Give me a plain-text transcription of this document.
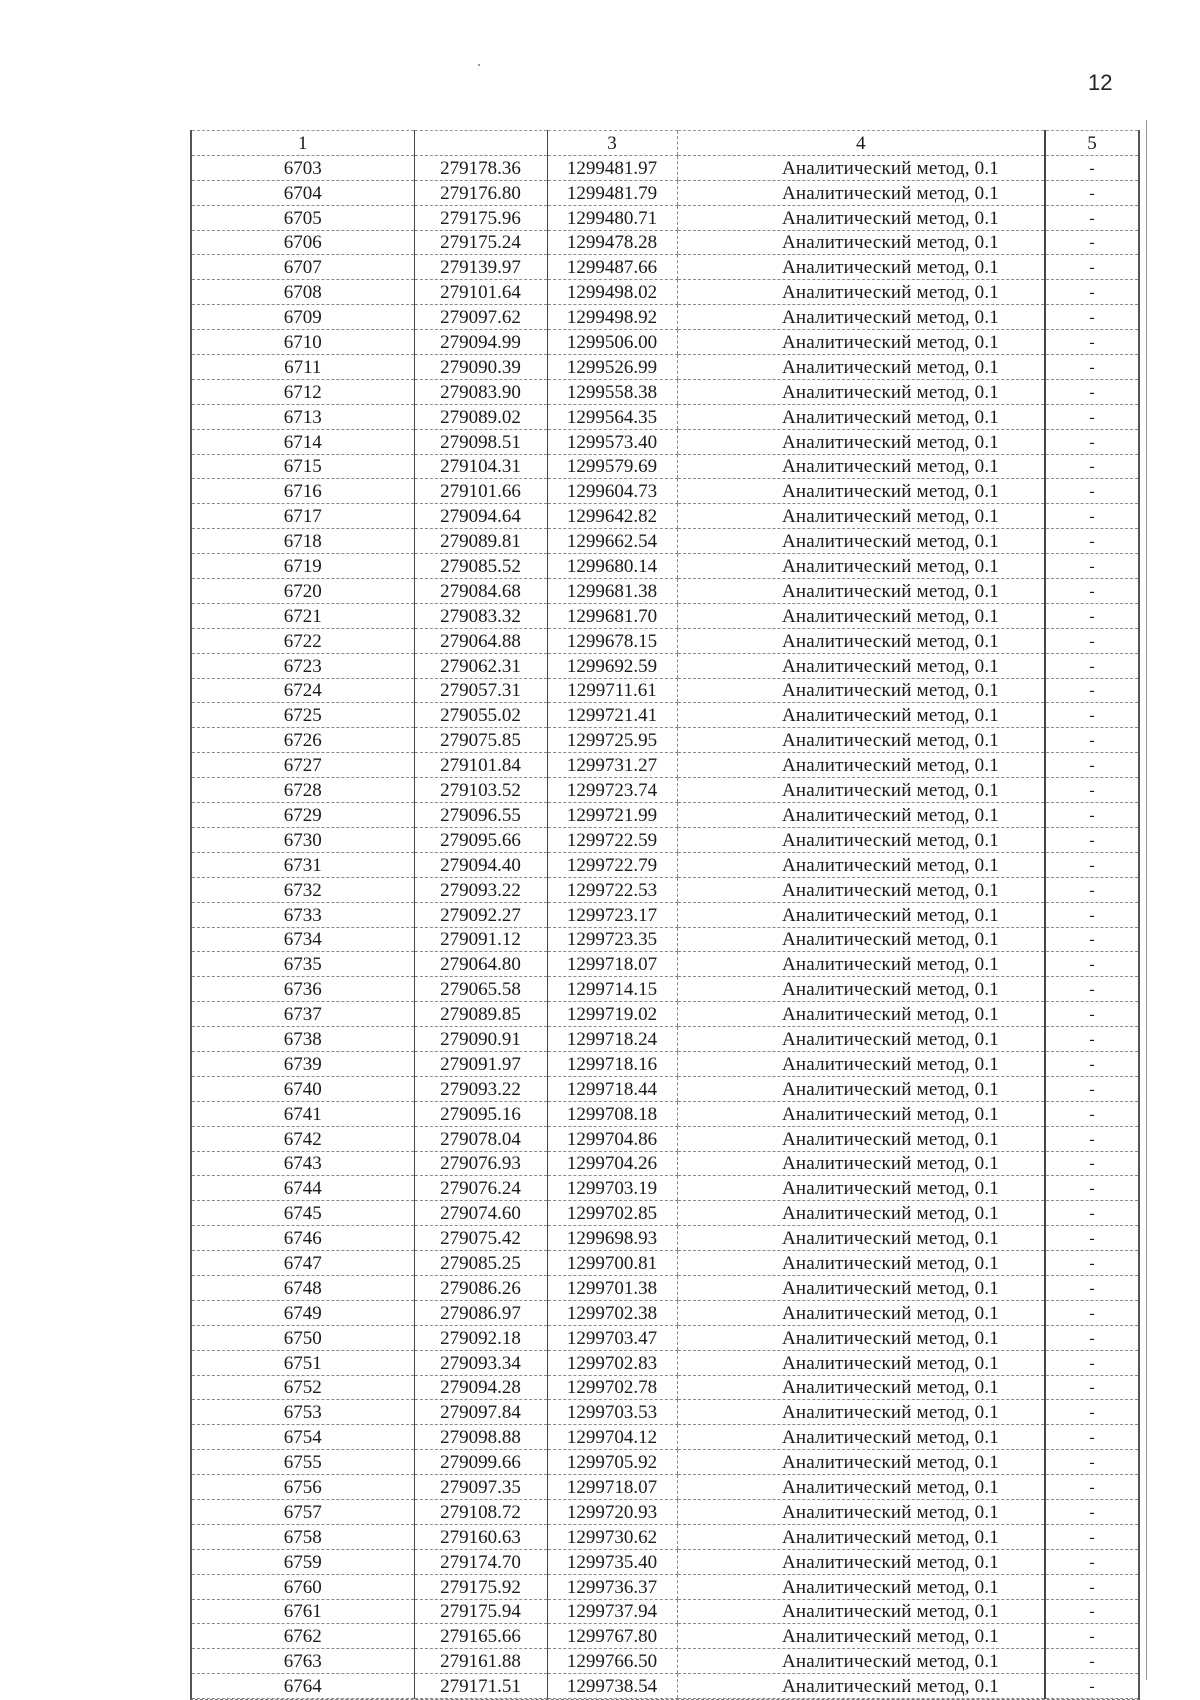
12
1		3	4	5
6703	279178.36	1299481.97	Аналитический метод, 0.1	-
6704	279176.80	1299481.79	Аналитический метод, 0.1	-
6705	279175.96	1299480.71	Аналитический метод, 0.1	-
6706	279175.24	1299478.28	Аналитический метод, 0.1	-
6707	279139.97	1299487.66	Аналитический метод, 0.1	-
6708	279101.64	1299498.02	Аналитический метод, 0.1	-
6709	279097.62	1299498.92	Аналитический метод, 0.1	-
6710	279094.99	1299506.00	Аналитический метод, 0.1	-
6711	279090.39	1299526.99	Аналитический метод, 0.1	-
6712	279083.90	1299558.38	Аналитический метод, 0.1	-
6713	279089.02	1299564.35	Аналитический метод, 0.1	-
6714	279098.51	1299573.40	Аналитический метод, 0.1	-
6715	279104.31	1299579.69	Аналитический метод, 0.1	-
6716	279101.66	1299604.73	Аналитический метод, 0.1	-
6717	279094.64	1299642.82	Аналитический метод, 0.1	-
6718	279089.81	1299662.54	Аналитический метод, 0.1	-
6719	279085.52	1299680.14	Аналитический метод, 0.1	-
6720	279084.68	1299681.38	Аналитический метод, 0.1	-
6721	279083.32	1299681.70	Аналитический метод, 0.1	-
6722	279064.88	1299678.15	Аналитический метод, 0.1	-
6723	279062.31	1299692.59	Аналитический метод, 0.1	-
6724	279057.31	1299711.61	Аналитический метод, 0.1	-
6725	279055.02	1299721.41	Аналитический метод, 0.1	-
6726	279075.85	1299725.95	Аналитический метод, 0.1	-
6727	279101.84	1299731.27	Аналитический метод, 0.1	-
6728	279103.52	1299723.74	Аналитический метод, 0.1	-
6729	279096.55	1299721.99	Аналитический метод, 0.1	-
6730	279095.66	1299722.59	Аналитический метод, 0.1	-
6731	279094.40	1299722.79	Аналитический метод, 0.1	-
6732	279093.22	1299722.53	Аналитический метод, 0.1	-
6733	279092.27	1299723.17	Аналитический метод, 0.1	-
6734	279091.12	1299723.35	Аналитический метод, 0.1	-
6735	279064.80	1299718.07	Аналитический метод, 0.1	-
6736	279065.58	1299714.15	Аналитический метод, 0.1	-
6737	279089.85	1299719.02	Аналитический метод, 0.1	-
6738	279090.91	1299718.24	Аналитический метод, 0.1	-
6739	279091.97	1299718.16	Аналитический метод, 0.1	-
6740	279093.22	1299718.44	Аналитический метод, 0.1	-
6741	279095.16	1299708.18	Аналитический метод, 0.1	-
6742	279078.04	1299704.86	Аналитический метод, 0.1	-
6743	279076.93	1299704.26	Аналитический метод, 0.1	-
6744	279076.24	1299703.19	Аналитический метод, 0.1	-
6745	279074.60	1299702.85	Аналитический метод, 0.1	-
6746	279075.42	1299698.93	Аналитический метод, 0.1	-
6747	279085.25	1299700.81	Аналитический метод, 0.1	-
6748	279086.26	1299701.38	Аналитический метод, 0.1	-
6749	279086.97	1299702.38	Аналитический метод, 0.1	-
6750	279092.18	1299703.47	Аналитический метод, 0.1	-
6751	279093.34	1299702.83	Аналитический метод, 0.1	-
6752	279094.28	1299702.78	Аналитический метод, 0.1	-
6753	279097.84	1299703.53	Аналитический метод, 0.1	-
6754	279098.88	1299704.12	Аналитический метод, 0.1	-
6755	279099.66	1299705.92	Аналитический метод, 0.1	-
6756	279097.35	1299718.07	Аналитический метод, 0.1	-
6757	279108.72	1299720.93	Аналитический метод, 0.1	-
6758	279160.63	1299730.62	Аналитический метод, 0.1	-
6759	279174.70	1299735.40	Аналитический метод, 0.1	-
6760	279175.92	1299736.37	Аналитический метод, 0.1	-
6761	279175.94	1299737.94	Аналитический метод, 0.1	-
6762	279165.66	1299767.80	Аналитический метод, 0.1	-
6763	279161.88	1299766.50	Аналитический метод, 0.1	-
6764	279171.51	1299738.54	Аналитический метод, 0.1	-
